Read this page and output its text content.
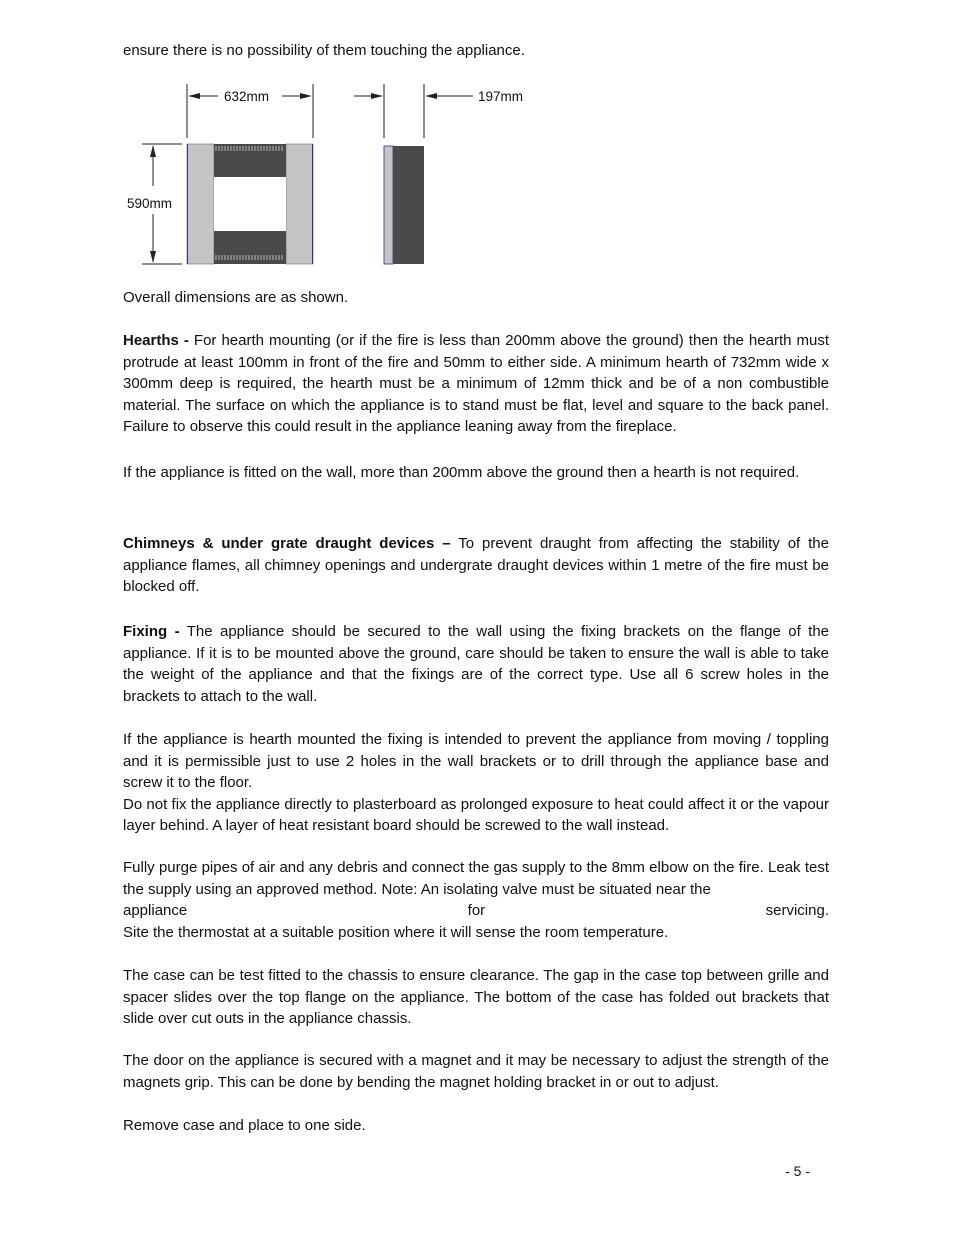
ensure there is no possibility of them touching the appliance.

632mm	197mm
590mm

Overall dimensions are as shown.

Hearths - For hearth mounting (or if the fire is less than 200mm above the ground) then the hearth must protrude at least 100mm in front of the fire and 50mm to either side. A minimum hearth of 732mm wide x 300mm deep is required, the hearth must be a minimum of 12mm thick and be of a non combustible material. The surface on which the appliance is to stand must be flat, level and square to the back panel. Failure to observe this could result in the appliance leaning away from the fireplace.

If the appliance is fitted on the wall, more than 200mm above the ground then a hearth is not required.

Chimneys & under grate draught devices – To prevent draught from affecting the stability of the appliance flames, all chimney openings and undergrate draught devices within 1 metre of the fire must be blocked off.

Fixing - The appliance should be secured to the wall using the fixing brackets on the flange of the appliance. If it is to be mounted above the ground, care should be taken to ensure the wall is able to take the weight of the appliance and that the fixings are of the correct type. Use all 6 screw holes in the brackets to attach to the wall.

If the appliance is hearth mounted the fixing is intended to prevent the appliance from moving / toppling and it is permissible just to use 2 holes in the wall brackets or to drill through the appliance base and screw it to the floor.
Do not fix the appliance directly to plasterboard as prolonged exposure to heat could affect it or the vapour layer behind. A layer of heat resistant board should be screwed to the wall instead.
Fully purge pipes of air and any debris and connect the gas supply to the 8mm elbow on the fire. Leak test the supply using an approved method. Note: An isolating valve must be situated near the
appliance	for	servicing.
Site the thermostat at a suitable position where it will sense the room temperature.

The case can be test fitted to the chassis to ensure clearance. The gap in the case top between grille and spacer slides over the top flange on the appliance. The bottom of the case has folded out brackets that slide over cut outs in the appliance chassis.

The door on the appliance is secured with a magnet and it may be necessary to adjust the strength of the magnets grip. This can be done by bending the magnet holding bracket in or out to adjust.

Remove case and place to one side.

- 5 -
